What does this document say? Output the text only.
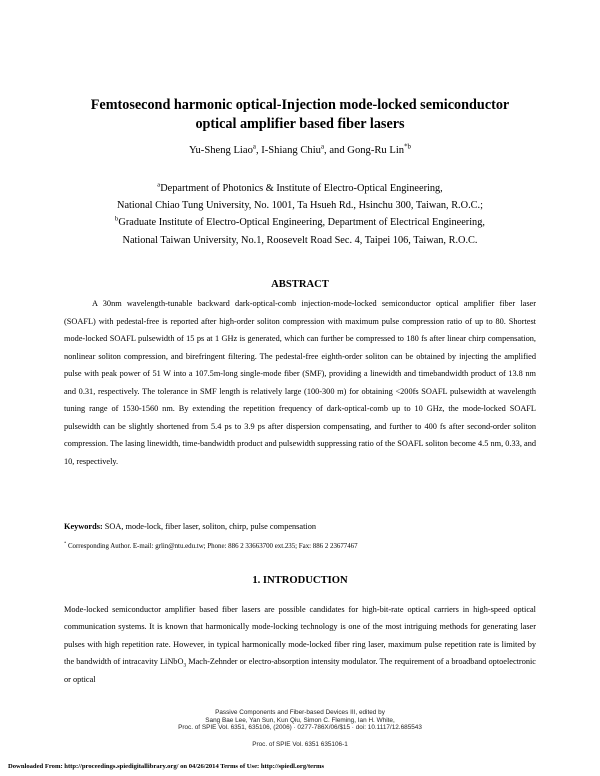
Femtosecond harmonic optical-Injection mode-locked semiconductor
optical amplifier based fiber lasers
Yu-Sheng Liao$^a$, I-Shiang Chiu$^a$, and Gong-Ru Lin$^{*b}$
$^a$Department of Photonics & Institute of Electro-Optical Engineering,
National Chiao Tung University, No. 1001, Ta Hsueh Rd., Hsinchu 300, Taiwan, R.O.C.;
$^b$Graduate Institute of Electro-Optical Engineering, Department of Electrical Engineering,
National Taiwan University, No.1, Roosevelt Road Sec. 4, Taipei 106, Taiwan, R.O.C.
ABSTRACT
A 30nm wavelength-tunable backward dark-optical-comb injection-mode-locked semiconductor optical amplifier fiber laser (SOAFL) with pedestal-free is reported after high-order soliton compression with maximum pulse compression ratio of up to 80. Shortest mode-locked SOAFL pulsewidth of 15 ps at 1 GHz is generated, which can further be compressed to 180 fs after linear chirp compensation, nonlinear soliton compression, and birefringent filtering. The pedestal-free eighth-order soliton can be obtained by injecting the amplified pulse with peak power of 51 W into a 107.5m-long single-mode fiber (SMF), providing a linewidth and timebandwidth product of 13.8 nm and 0.31, respectively. The tolerance in SMF length is relatively large (100-300 m) for obtaining <200fs SOAFL pulsewidth at wavelength tuning range of 1530-1560 nm. By extending the repetition frequency of dark-optical-comb up to 10 GHz, the mode-locked SOAFL pulsewidth can be slightly shortened from 5.4 ps to 3.9 ps after dispersion compensating, and further to 400 fs after second-order soliton compression. The lasing linewidth, time-bandwidth product and pulsewidth suppressing ratio of the SOAFL soliton become 4.5 nm, 0.33, and 10, respectively.
Keywords: SOA, mode-lock, fiber laser, soliton, chirp, pulse compensation
* Corresponding Author. E-mail: grlin@ntu.edu.tw; Phone: 886 2 33663700 ext.235; Fax: 886 2 23677467
1. INTRODUCTION
Mode-locked semiconductor amplifier based fiber lasers are possible candidates for high-bit-rate optical carriers in high-speed optical communication systems. It is known that harmonically mode-locking technology is one of the most intriguing methods for generating laser pulses with high repetition rate. However, in typical harmonically mode-locked fiber ring laser, maximum pulse repetition rate is limited by the bandwidth of intracavity LiNbO$_3$ Mach-Zehnder or electro-absorption intensity modulator. The requirement of a broadband optoelectronic or optical
Passive Components and Fiber-based Devices III, edited by
Sang Bae Lee, Yan Sun, Kun Qiu, Simon C. Fleming, Ian H. White,
Proc. of SPIE Vol. 6351, 635106, (2006) · 0277-786X/06/$15 · doi: 10.1117/12.685543
Proc. of SPIE Vol. 6351 635106-1
Downloaded From: http://proceedings.spiedigitallibrary.org/ on 04/26/2014 Terms of Use: http://spiedl.org/terms
